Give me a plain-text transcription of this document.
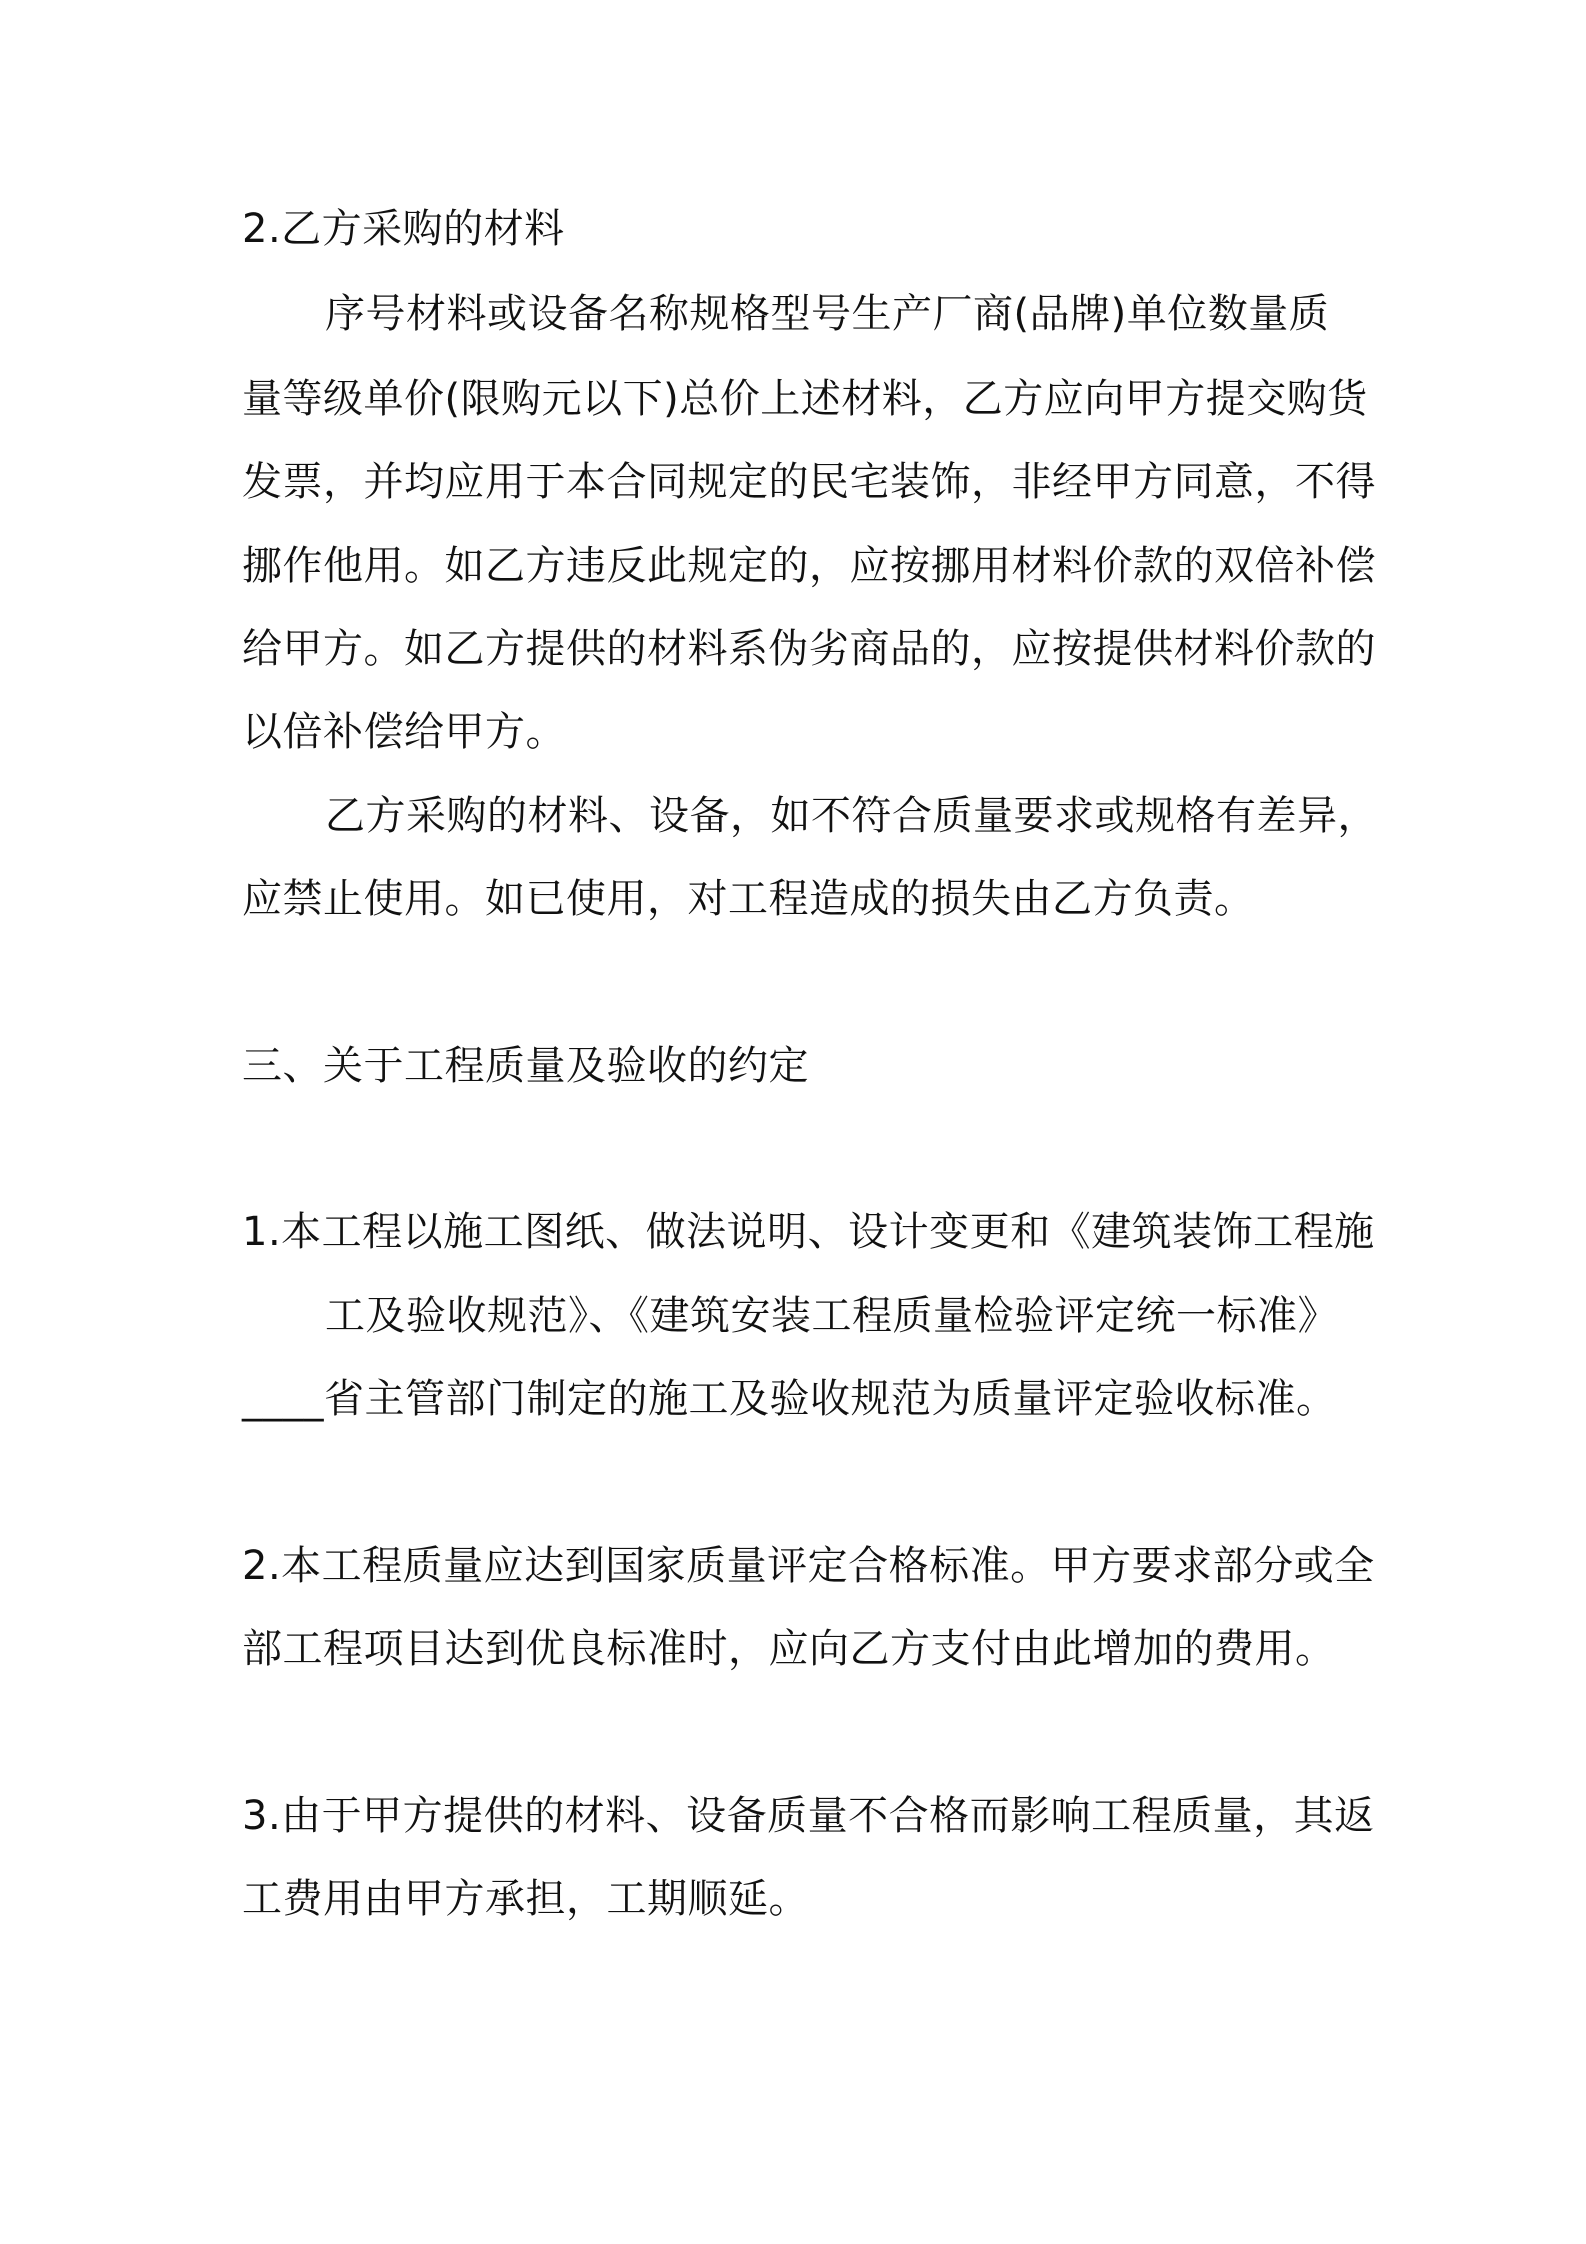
2.乙方采购的材料
序号材料或设备名称规格型号生产厂商(品牌)单位数量质
量等级单价(限购元以下)总价上述材料，乙方应向甲方提交购货
发票，并均应用于本合同规定的民宅装饰，非经甲方同意，不得
挪作他用。如乙方违反此规定的，应按挪用材料价款的双倍补偿
给甲方。如乙方提供的材料系伪劣商品的，应按提供材料价款的
以倍补偿给甲方。
乙方采购的材料、设备，如不符合质量要求或规格有差异，
应禁止使用。如已使用，对工程造成的损失由乙方负责。
三、关于工程质量及验收的约定
1.本工程以施工图纸、做法说明、设计变更和《建筑装饰工程施
工及验收规范》、《建筑安装工程质量检验评定统一标准》
____省主管部门制定的施工及验收规范为质量评定验收标准。
2.本工程质量应达到国家质量评定合格标准。甲方要求部分或全
部工程项目达到优良标准时，应向乙方支付由此增加的费用。
3.由于甲方提供的材料、设备质量不合格而影响工程质量，其返
工费用由甲方承担，工期顺延。
